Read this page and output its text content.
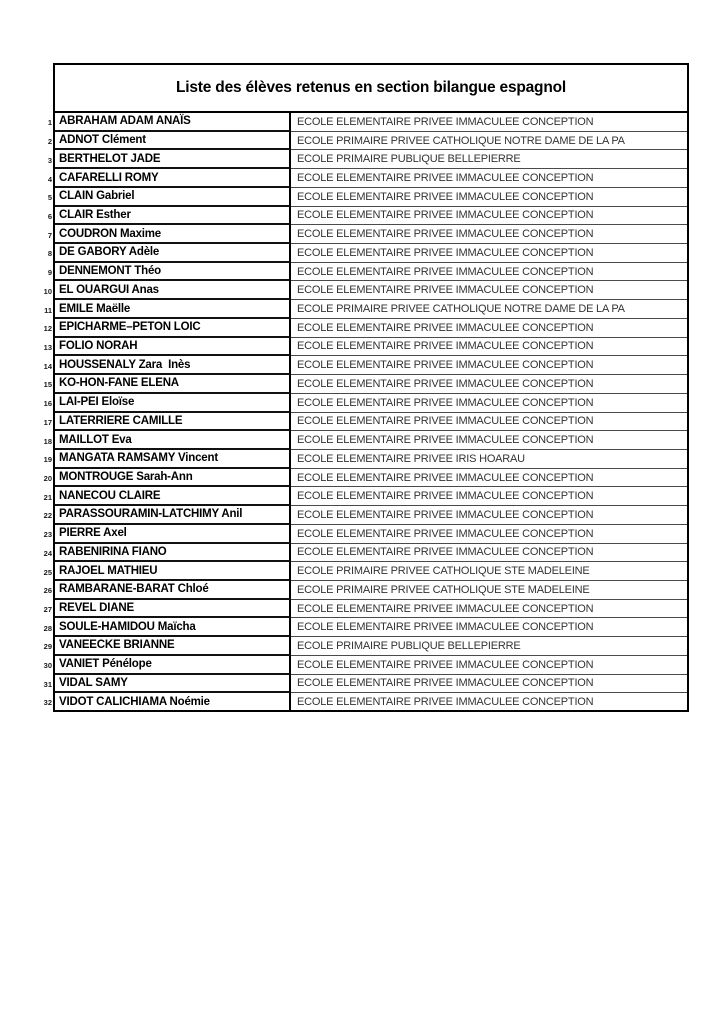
Liste des élèves retenus en section bilangue espagnol
1 ABRAHAM ADAM ANAÏS	ECOLE ELEMENTAIRE PRIVEE IMMACULEE CONCEPTION
2 ADNOT Clément	ECOLE PRIMAIRE PRIVEE CATHOLIQUE NOTRE DAME DE LA PA
3 BERTHELOT JADE	ECOLE PRIMAIRE PUBLIQUE BELLEPIERRE
4 CAFARELLI ROMY	ECOLE ELEMENTAIRE PRIVEE IMMACULEE CONCEPTION
5 CLAIN Gabriel	ECOLE ELEMENTAIRE PRIVEE IMMACULEE CONCEPTION
6 CLAIR Esther	ECOLE ELEMENTAIRE PRIVEE IMMACULEE CONCEPTION
7 COUDRON Maxime	ECOLE ELEMENTAIRE PRIVEE IMMACULEE CONCEPTION
8 DE GABORY Adèle	ECOLE ELEMENTAIRE PRIVEE IMMACULEE CONCEPTION
9 DENNEMONT Théo	ECOLE ELEMENTAIRE PRIVEE IMMACULEE CONCEPTION
10 EL OUARGUI Anas	ECOLE ELEMENTAIRE PRIVEE IMMACULEE CONCEPTION
11 EMILE Maëlle	ECOLE PRIMAIRE PRIVEE CATHOLIQUE NOTRE DAME DE LA PA
12 EPICHARME–PETON LOIC	ECOLE ELEMENTAIRE PRIVEE IMMACULEE CONCEPTION
13 FOLIO NORAH	ECOLE ELEMENTAIRE PRIVEE IMMACULEE CONCEPTION
14 HOUSSENALY Zara  Inès	ECOLE ELEMENTAIRE PRIVEE IMMACULEE CONCEPTION
15 KO-HON-FANE ELENA	ECOLE ELEMENTAIRE PRIVEE IMMACULEE CONCEPTION
16 LAI-PEI Eloïse	ECOLE ELEMENTAIRE PRIVEE IMMACULEE CONCEPTION
17 LATERRIERE CAMILLE	ECOLE ELEMENTAIRE PRIVEE IMMACULEE CONCEPTION
18 MAILLOT Eva	ECOLE ELEMENTAIRE PRIVEE IMMACULEE CONCEPTION
19 MANGATA RAMSAMY Vincent	ECOLE ELEMENTAIRE PRIVEE IRIS HOARAU
20 MONTROUGE Sarah-Ann	ECOLE ELEMENTAIRE PRIVEE IMMACULEE CONCEPTION
21 NANECOU CLAIRE	ECOLE ELEMENTAIRE PRIVEE IMMACULEE CONCEPTION
22 PARASSOURAMIN-LATCHIMY Anil	ECOLE ELEMENTAIRE PRIVEE IMMACULEE CONCEPTION
23 PIERRE Axel	ECOLE ELEMENTAIRE PRIVEE IMMACULEE CONCEPTION
24 RABENIRINA FIANO	ECOLE ELEMENTAIRE PRIVEE IMMACULEE CONCEPTION
25 RAJOEL MATHIEU	ECOLE PRIMAIRE PRIVEE CATHOLIQUE STE MADELEINE
26 RAMBARANE-BARAT Chloé	ECOLE PRIMAIRE PRIVEE CATHOLIQUE STE MADELEINE
27 REVEL DIANE	ECOLE ELEMENTAIRE PRIVEE IMMACULEE CONCEPTION
28 SOULE-HAMIDOU Maïcha	ECOLE ELEMENTAIRE PRIVEE IMMACULEE CONCEPTION
29 VANEECKE BRIANNE	ECOLE PRIMAIRE PUBLIQUE BELLEPIERRE
30 VANIET Pénélope	ECOLE ELEMENTAIRE PRIVEE IMMACULEE CONCEPTION
31 VIDAL SAMY	ECOLE ELEMENTAIRE PRIVEE IMMACULEE CONCEPTION
32 VIDOT CALICHIAMA Noémie	ECOLE ELEMENTAIRE PRIVEE IMMACULEE CONCEPTION
